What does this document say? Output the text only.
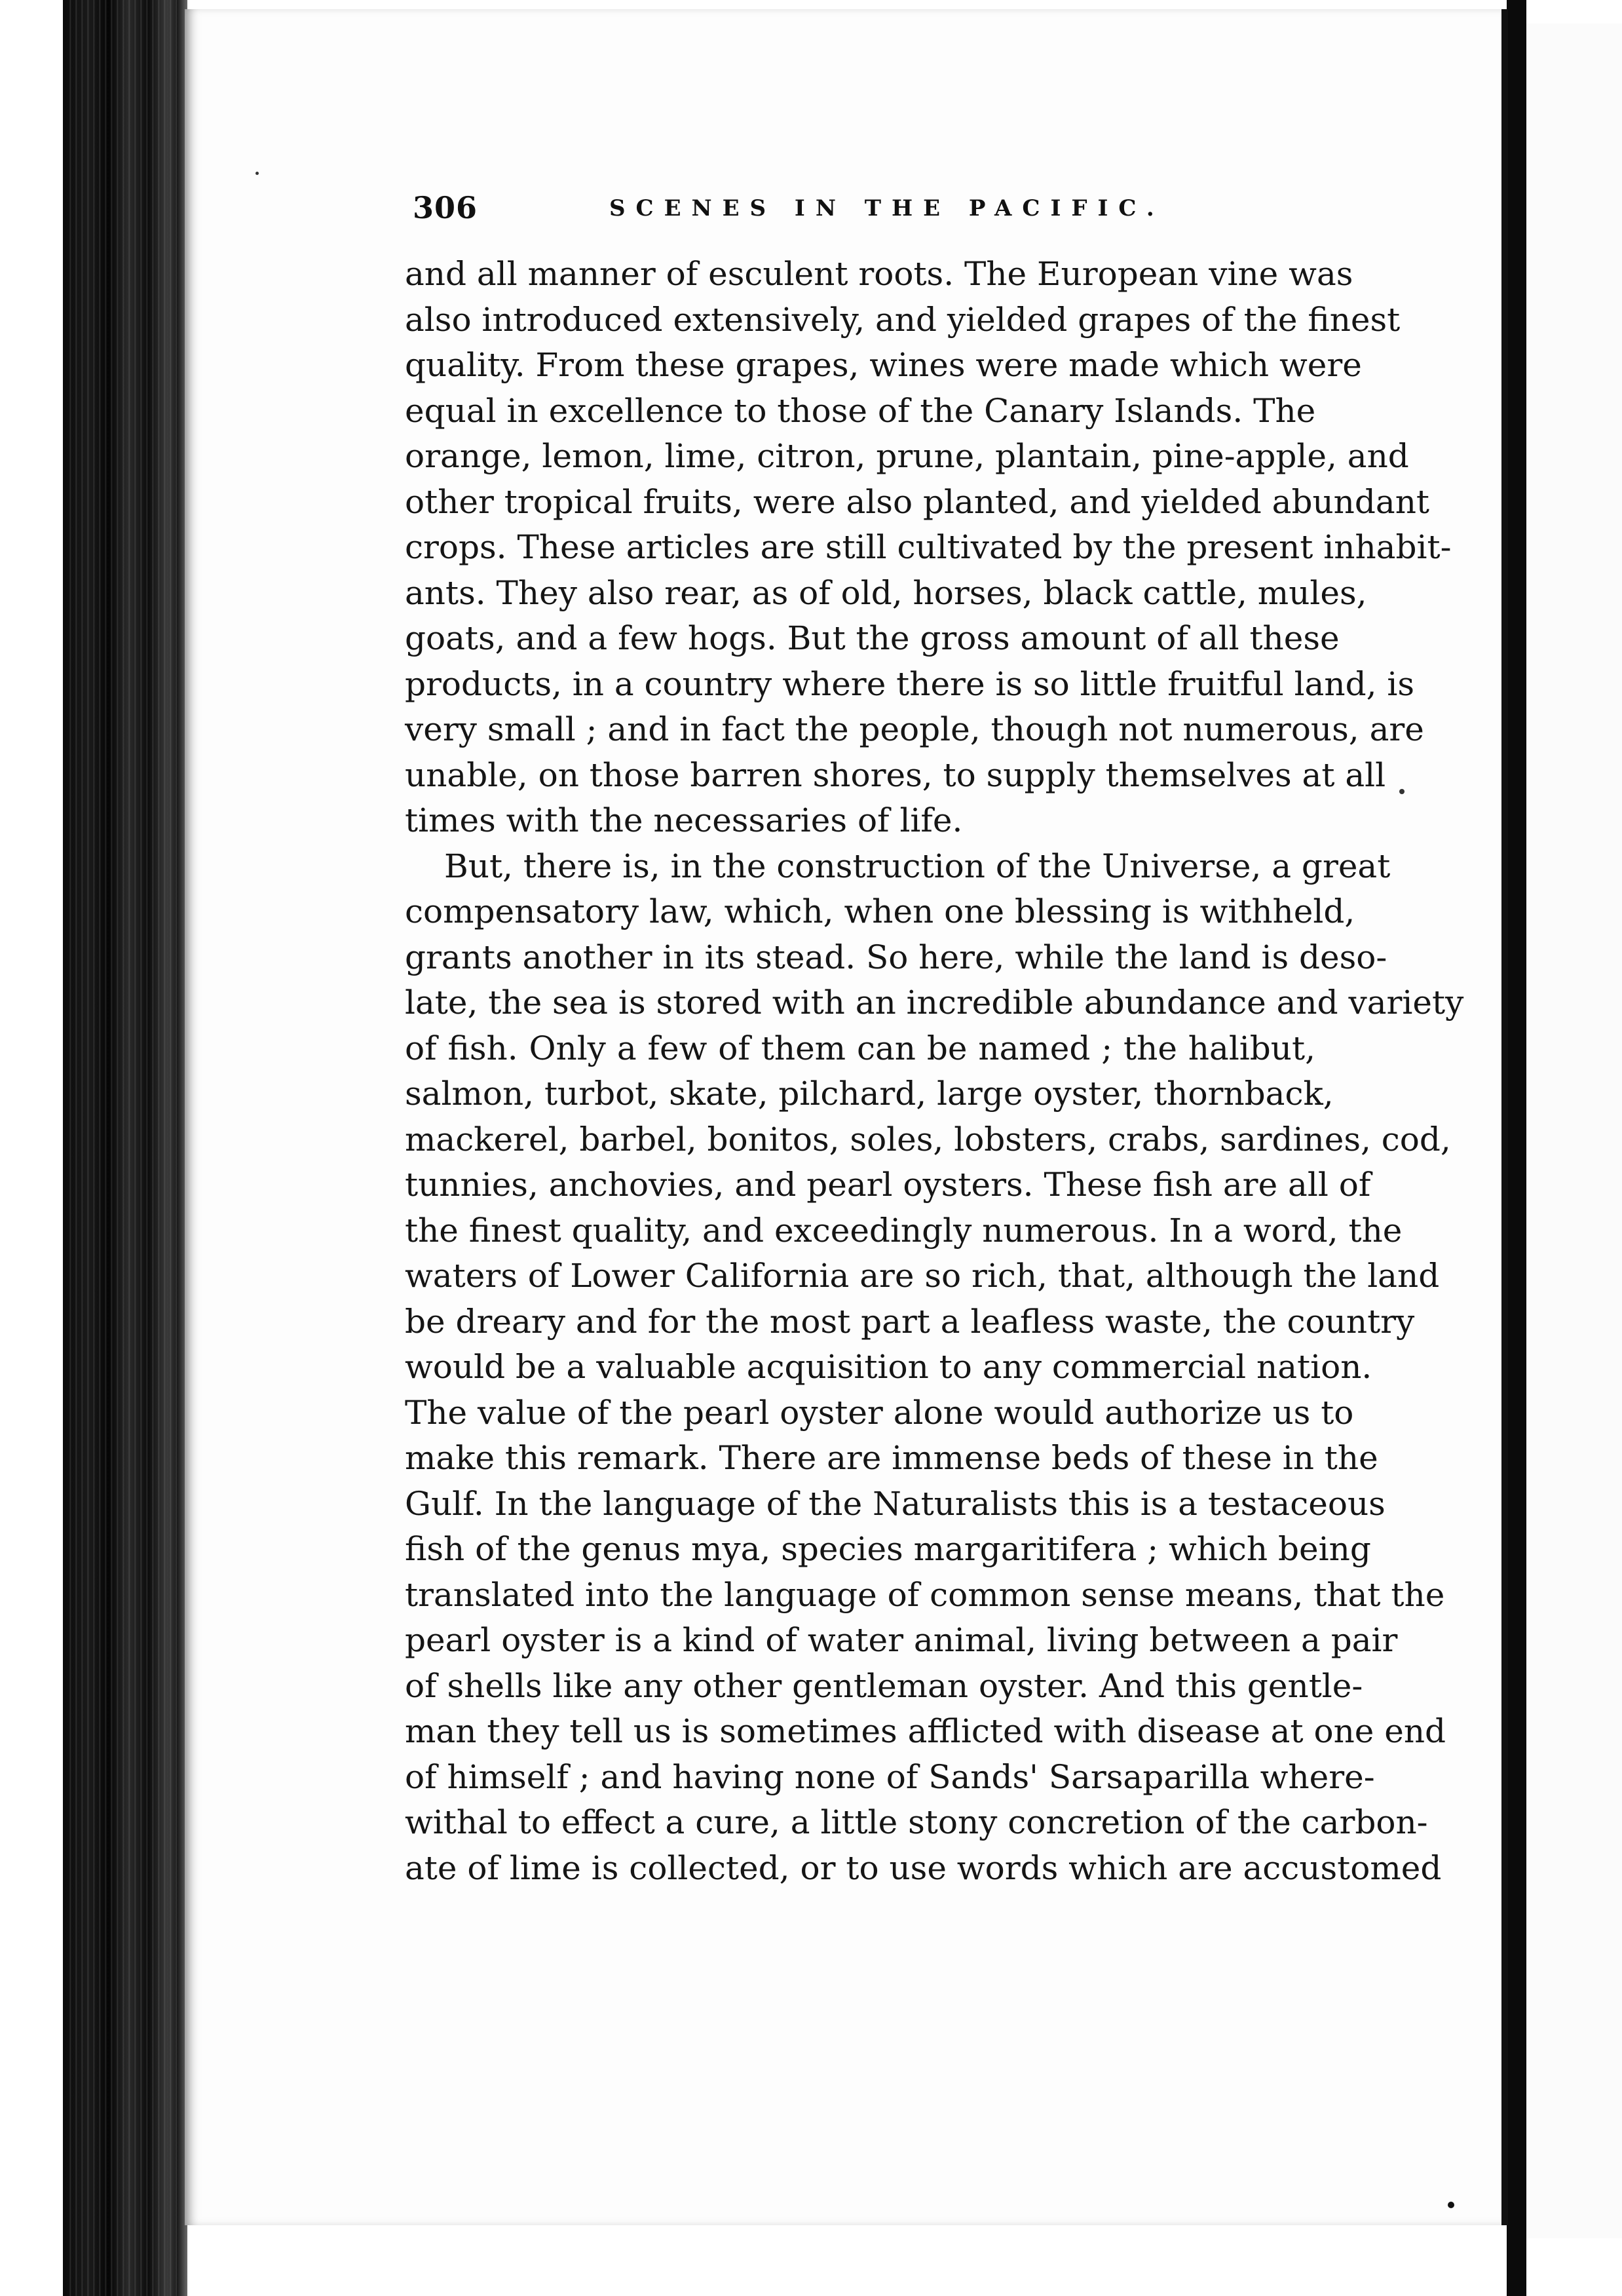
306	SCENES IN THE PACIFIC.
and all manner of esculent roots. The European vine was
also introduced extensively, and yielded grapes of the finest
quality. From these grapes, wines were made which were
equal in excellence to those of the Canary Islands. The
orange, lemon, lime, citron, prune, plantain, pine-apple, and
other tropical fruits, were also planted, and yielded abundant
crops. These articles are still cultivated by the present inhabit-
ants. They also rear, as of old, horses, black cattle, mules,
goats, and a few hogs. But the gross amount of all these
products, in a country where there is so little fruitful land, is
very small ; and in fact the people, though not numerous, are
unable, on those barren shores, to supply themselves at all
times with the necessaries of life.
But, there is, in the construction of the Universe, a great
compensatory law, which, when one blessing is withheld,
grants another in its stead. So here, while the land is deso-
late, the sea is stored with an incredible abundance and variety
of fish. Only a few of them can be named ; the halibut,
salmon, turbot, skate, pilchard, large oyster, thornback,
mackerel, barbel, bonitos, soles, lobsters, crabs, sardines, cod,
tunnies, anchovies, and pearl oysters. These fish are all of
the finest quality, and exceedingly numerous. In a word, the
waters of Lower California are so rich, that, although the land
be dreary and for the most part a leafless waste, the country
would be a valuable acquisition to any commercial nation.
The value of the pearl oyster alone would authorize us to
make this remark. There are immense beds of these in the
Gulf. In the language of the Naturalists this is a testaceous
fish of the genus mya, species margaritifera ; which being
translated into the language of common sense means, that the
pearl oyster is a kind of water animal, living between a pair
of shells like any other gentleman oyster. And this gentle-
man they tell us is sometimes afflicted with disease at one end
of himself ; and having none of Sands' Sarsaparilla where-
withal to effect a cure, a little stony concretion of the carbon-
ate of lime is collected, or to use words which are accustomed
